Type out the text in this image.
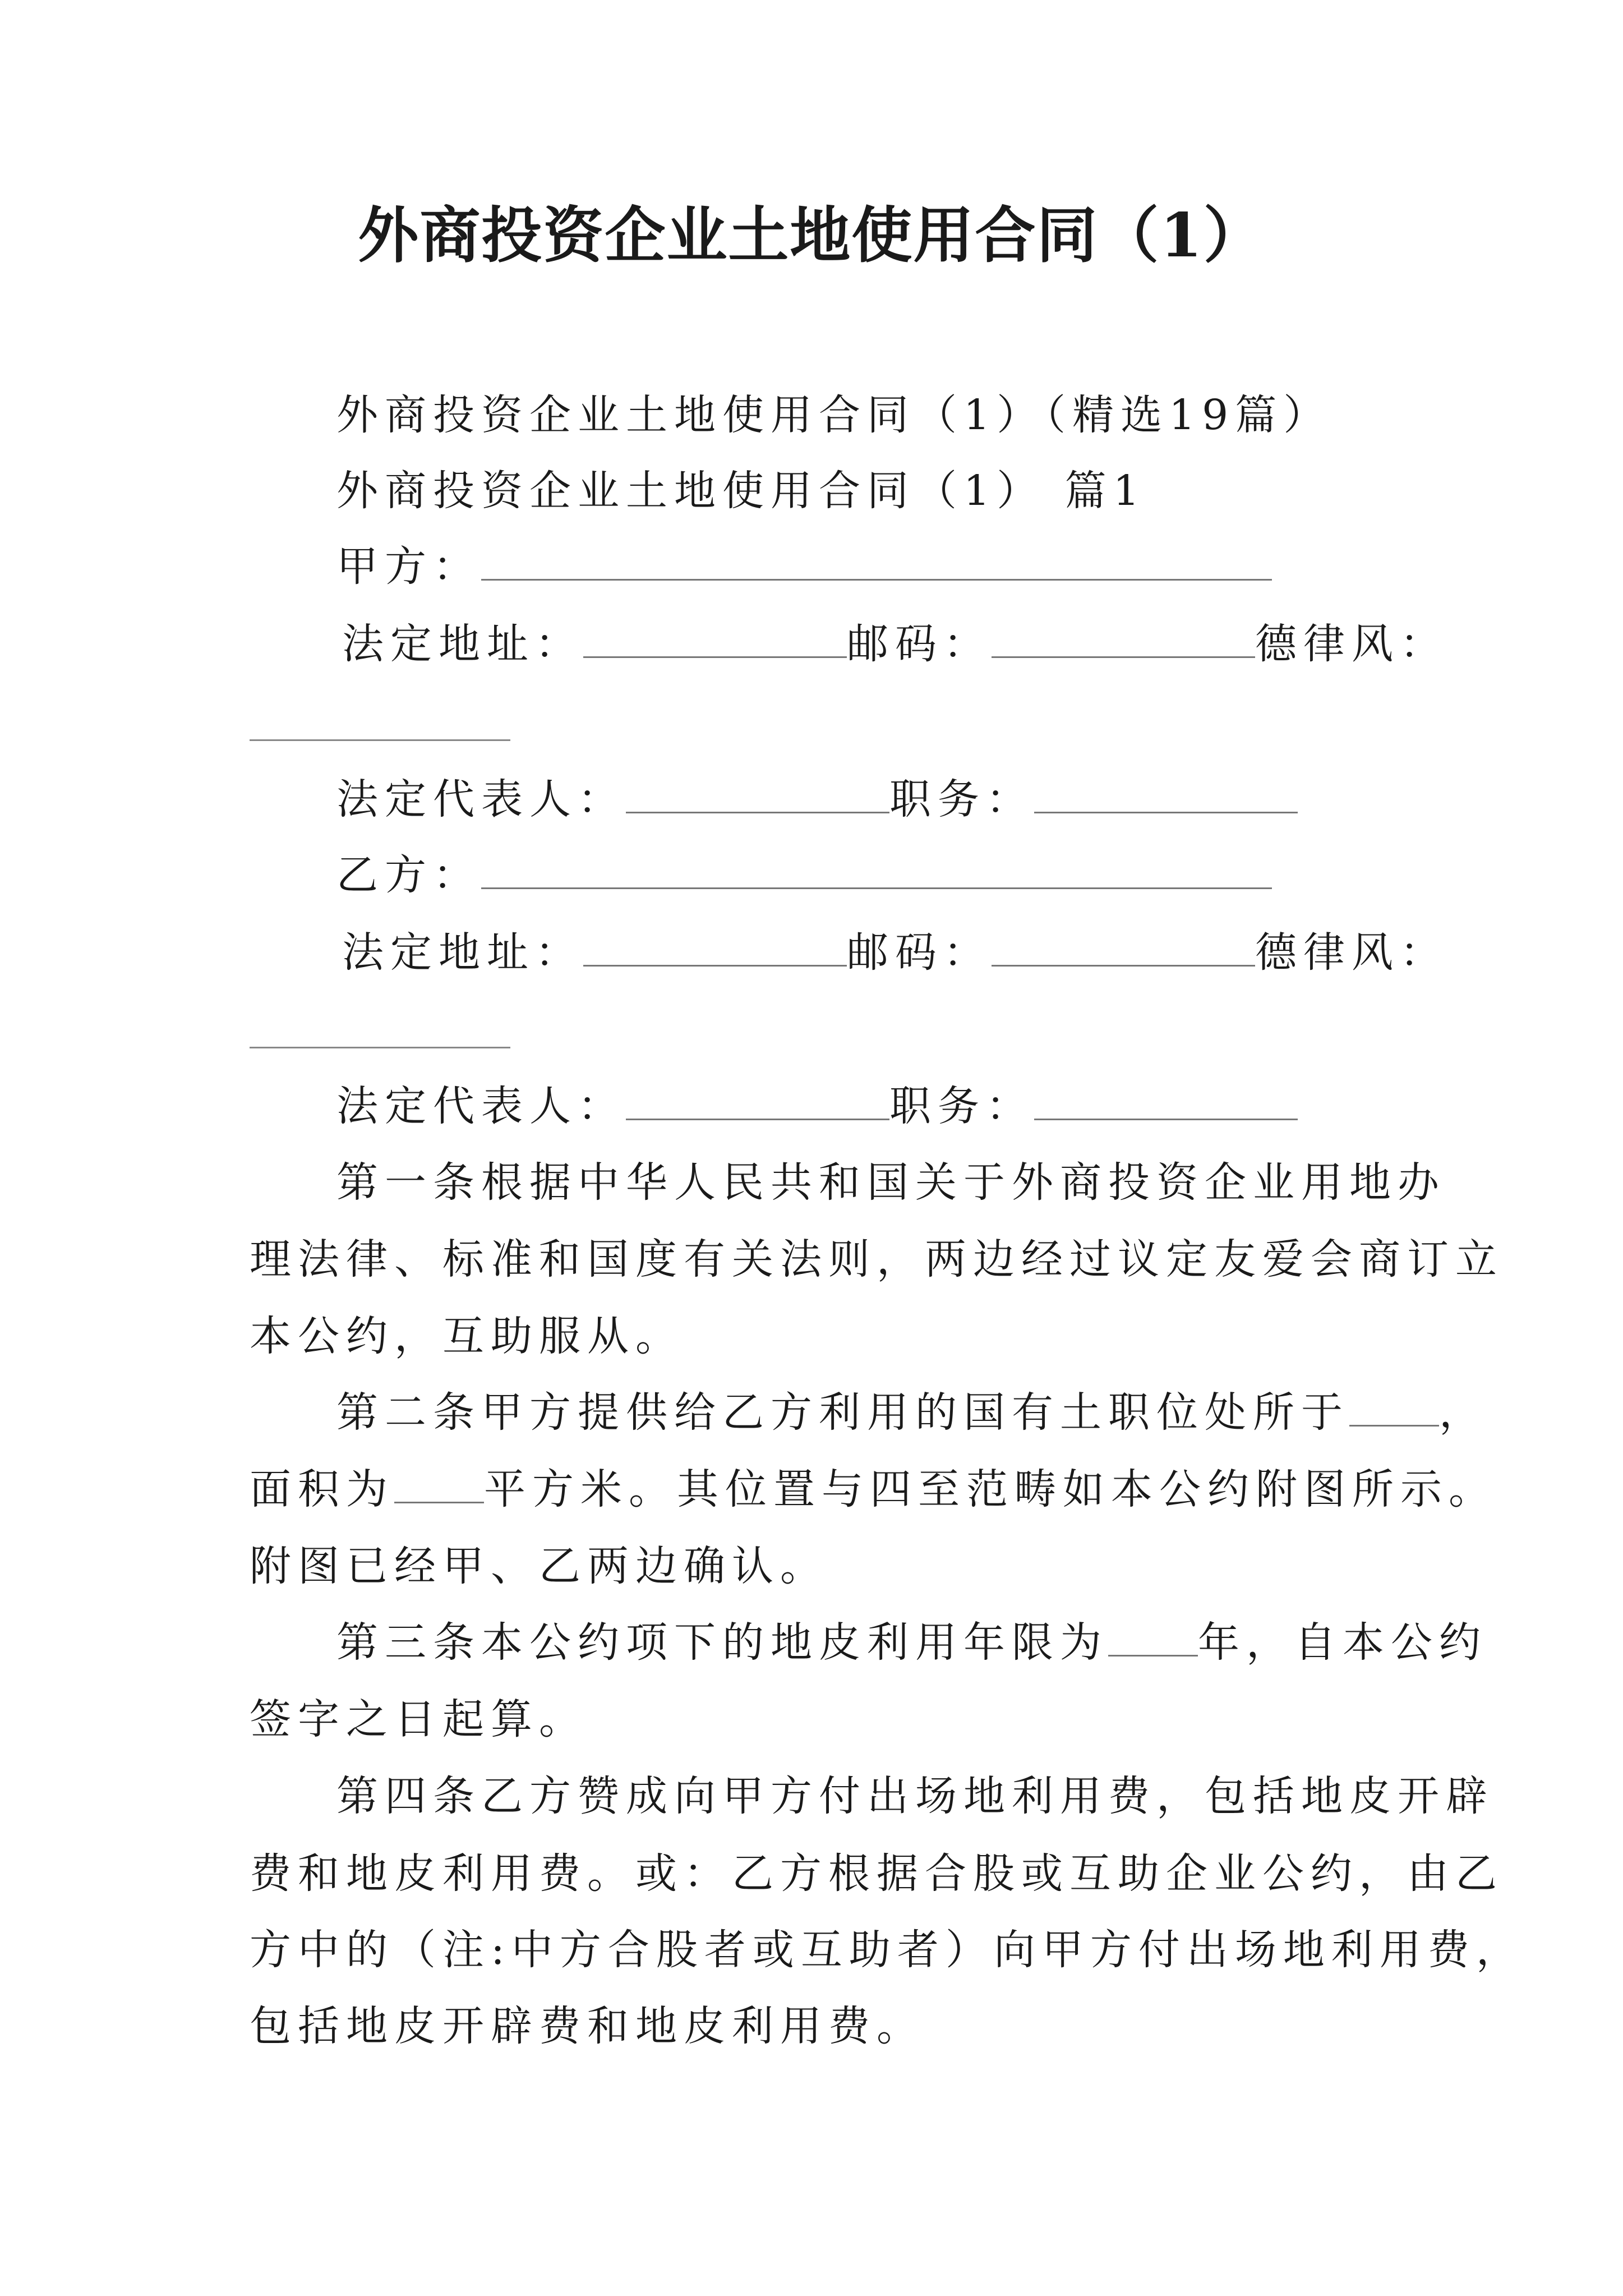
外商投资企业土地使用合同（1）
外商投资企业土地使用合同（1）（精选19篇）
外商投资企业土地使用合同（1） 篇1
甲方：
法定地址：	邮码：	德律风：
法定代表人：	职务：
乙方：
法定地址：	邮码：	德律风：
法定代表人：	职务：
第一条根据中华人民共和国关于外商投资企业用地办
理法律、标准和国度有关法则，两边经过议定友爱会商订立
本公约，互助服从。
第二条甲方提供给乙方利用的国有土职位处所于 ，
面积为 平方米。其位置与四至范畴如本公约附图所示。
附图已经甲、乙两边确认。
第三条本公约项下的地皮利用年限为 年，自本公约
签字之日起算。
第四条乙方赞成向甲方付出场地利用费，包括地皮开辟
费和地皮利用费。或：乙方根据合股或互助企业公约，由乙
方中的（注:中方合股者或互助者）向甲方付出场地利用费，
包括地皮开辟费和地皮利用费。
